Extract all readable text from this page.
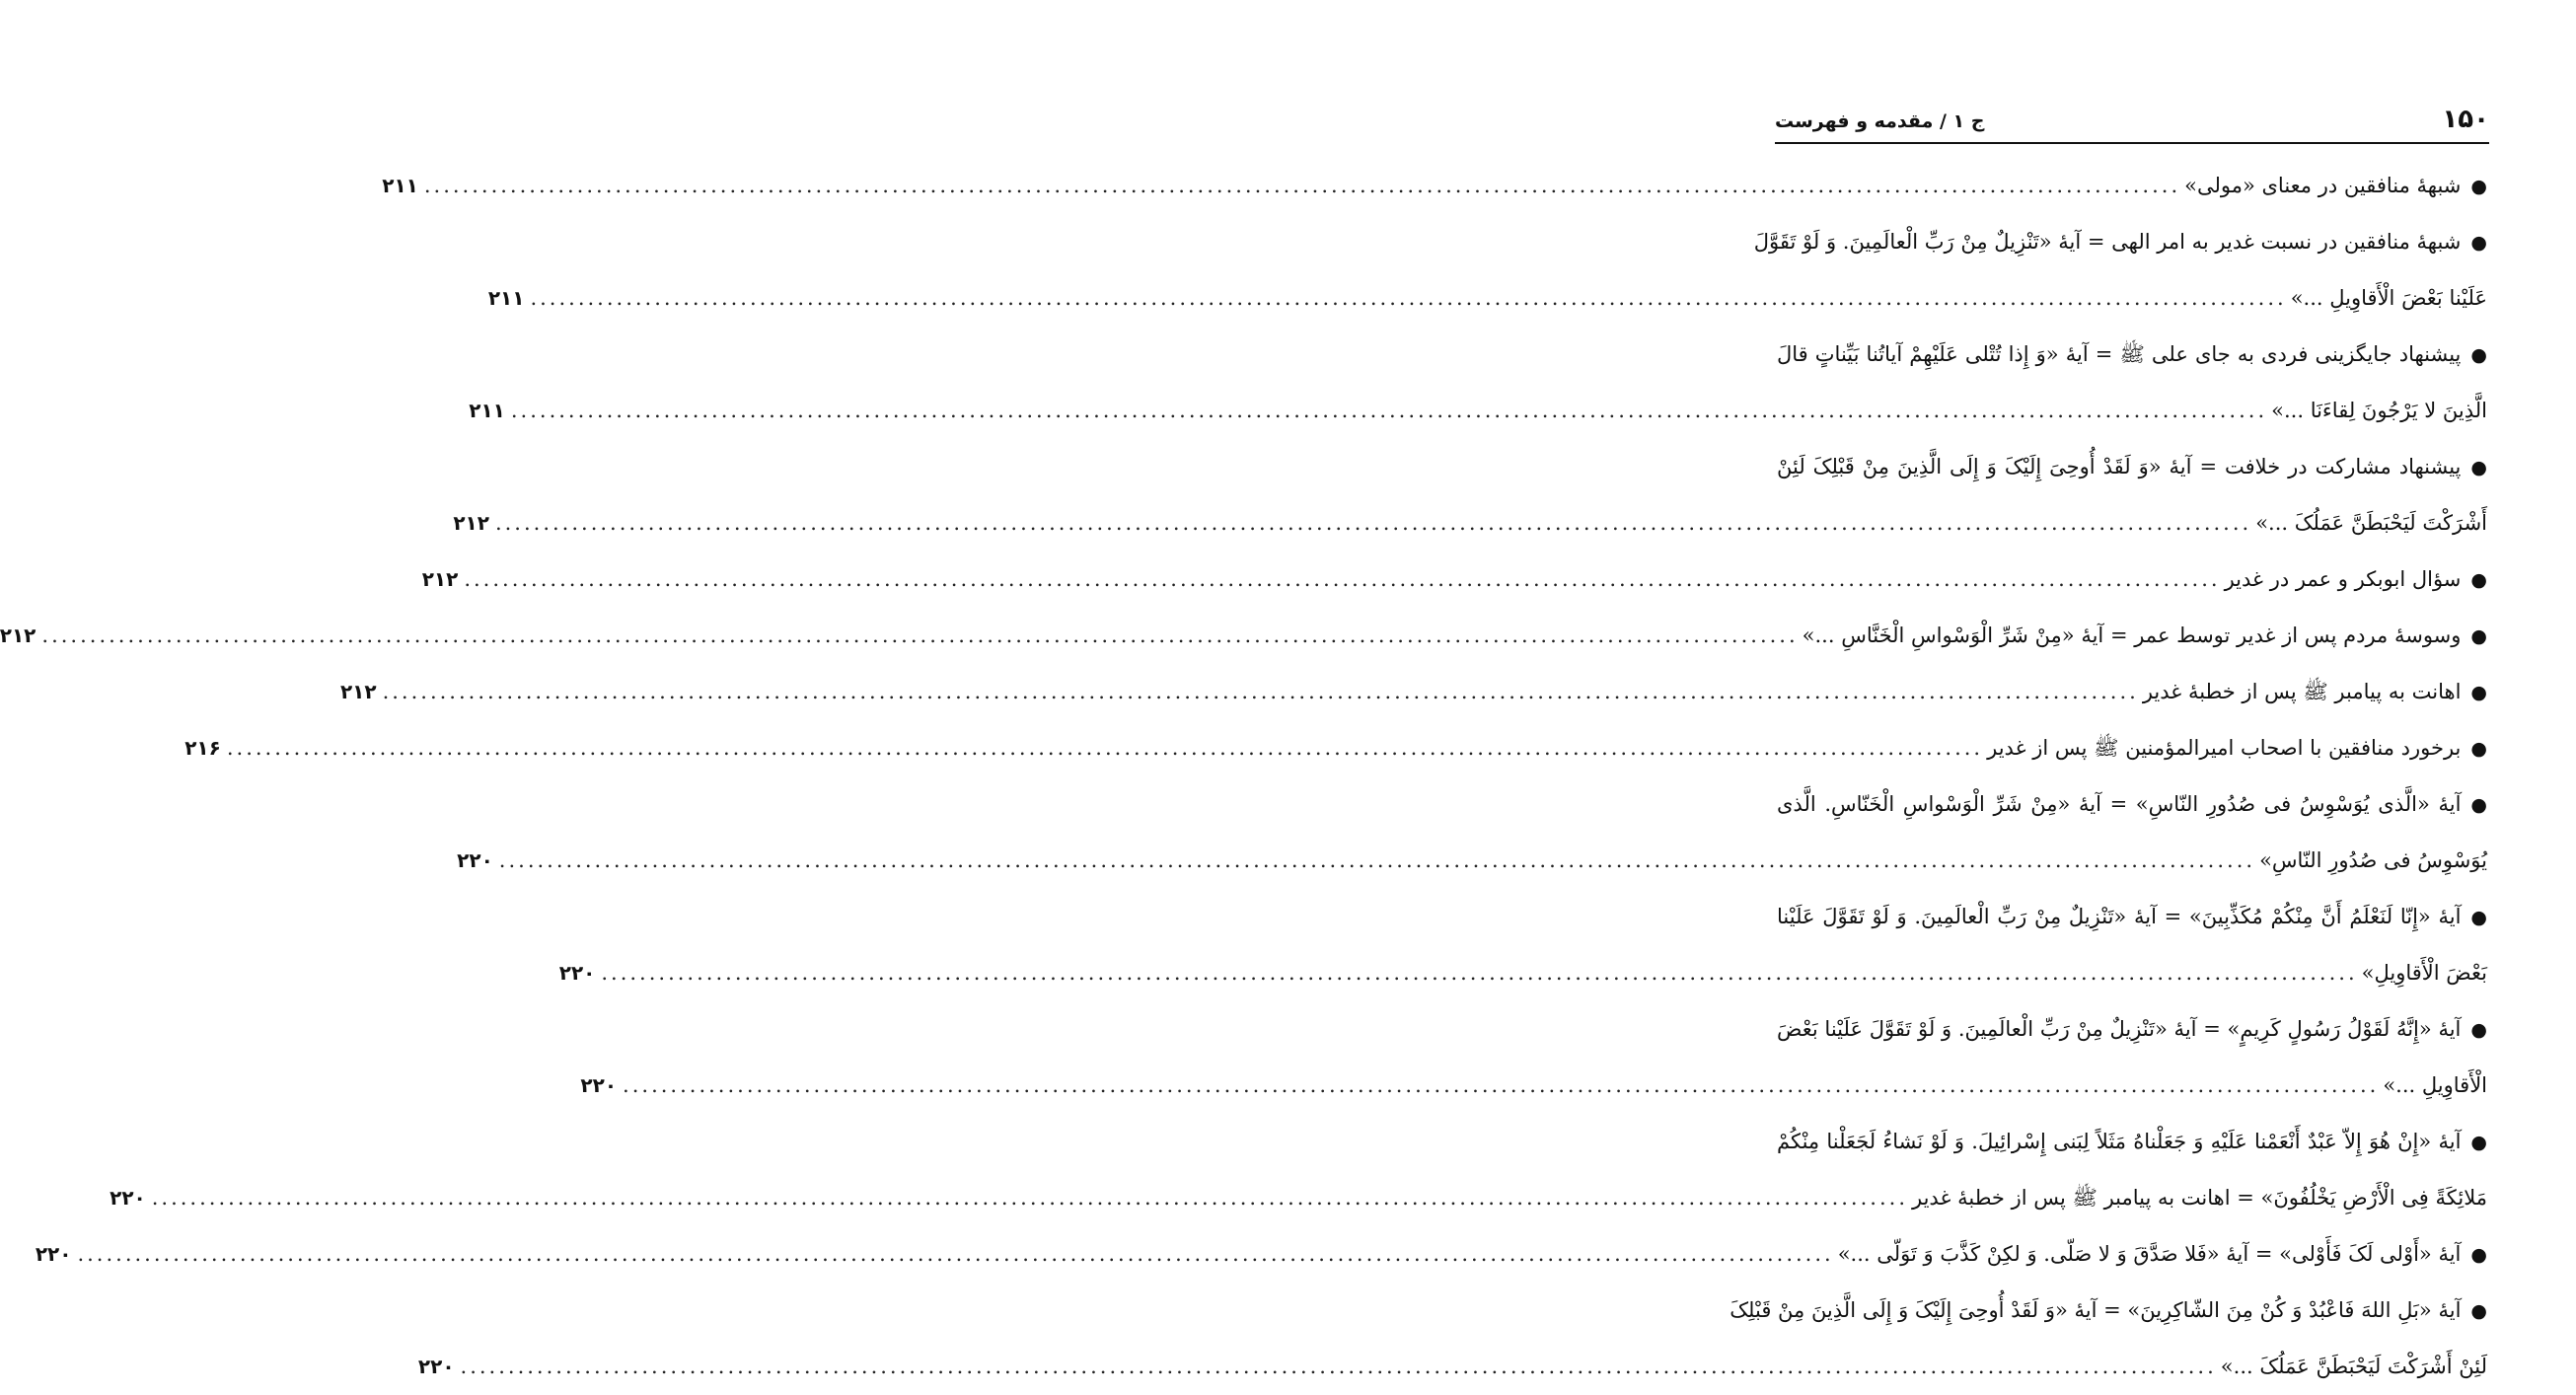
۱۵۰
ج ۱ / مقدمه و فهرست
●
شبهۀ منافقین در معنای «مولی»
.....
۲۱۱
●
شبهۀ منافقین در نسبت غدیر به امر الهی = آیۀ «تَنْزِیلٌ مِنْ رَبِّ الْعالَمِینَ. وَ لَوْ تَقَوَّلَ
عَلَیْنا بَعْضَ الْأَقاوِیلِ ...»
.....
۲۱۱
●
پیشنهاد جایگزینی فردی به جای علی ﷺ = آیۀ «وَ إِذا تُتْلی عَلَیْهِمْ آیاتُنا بَیِّناتٍ قالَ
الَّذِینَ لا یَرْجُونَ لِقاءَنَا ...»
.....
۲۱۱
●
پیشنهاد مشارکت در خلافت = آیۀ «وَ لَقَدْ أُوحِیَ إِلَیْکَ وَ إِلَی الَّذِینَ مِنْ قَبْلِکَ لَئِنْ
أَشْرَکْتَ لَیَحْبَطَنَّ عَمَلُکَ ...»
.....
۲۱۲
●
سؤال ابوبکر و عمر در غدیر
.....
۲۱۲
●
وسوسۀ مردم پس از غدیر توسط عمر = آیۀ «مِنْ شَرِّ الْوَسْواسِ الْخَنَّاسِ ...»
.....
۲۱۲
●
اهانت به پیامبر ﷺ پس از خطبۀ غدیر
.....
۲۱۲
●
برخورد منافقین با اصحاب امیرالمؤمنین ﷺ پس از غدیر
.....
۲۱۶
●
آیۀ «الَّذی یُوَسْوِسُ فی صُدُورِ النّاسِ» = آیۀ «مِنْ شَرِّ الْوَسْواسِ الْخَنّاسِ. الَّذی
یُوَسْوِسُ فی صُدُورِ النّاسِ»
.....
۲۲۰
●
آیۀ «إِنّا لَنَعْلَمُ أَنَّ مِنْکُمْ مُکَذِّبِینَ» = آیۀ «تَنْزِیلٌ مِنْ رَبِّ الْعالَمِینَ. وَ لَوْ تَقَوَّلَ عَلَیْنا
بَعْضَ الْأَقاوِیلِ»
.....
۲۲۰
●
آیۀ «إِنَّهُ لَقَوْلُ رَسُولٍ کَرِیمٍ» = آیۀ «تَنْزِیلٌ مِنْ رَبِّ الْعالَمِینَ. وَ لَوْ تَقَوَّلَ عَلَیْنا بَعْضَ
الْأَقاوِیلِ ...»
.....
۲۲۰
●
آیۀ «إِنْ هُوَ إِلاّ عَبْدٌ أَنْعَمْنا عَلَیْهِ وَ جَعَلْناهُ مَثَلاً لِبَنی إِسْرائِیلَ. وَ لَوْ نَشاءُ لَجَعَلْنا مِنْکُمْ
مَلائِکَةً فِی الْأَرْضِ یَخْلُفُونَ» = اهانت به پیامبر ﷺ پس از خطبۀ غدیر
.....
۲۲۰
●
آیۀ «أَوْلی لَکَ فَأَوْلی» = آیۀ «فَلا صَدَّقَ وَ لا صَلّی. وَ لکِنْ کَذَّبَ وَ تَوَلّی ...»
.....
۲۲۰
●
آیۀ «بَلِ اللهَ فَاعْبُدْ وَ کُنْ مِنَ الشّاکِرِینَ» = آیۀ «وَ لَقَدْ أُوحِیَ إِلَیْکَ وَ إِلَی الَّذِینَ مِنْ قَبْلِکَ
لَئِنْ أَشْرَکْتَ لَیَحْبَطَنَّ عَمَلُکَ ...»
.....
۲۲۰
